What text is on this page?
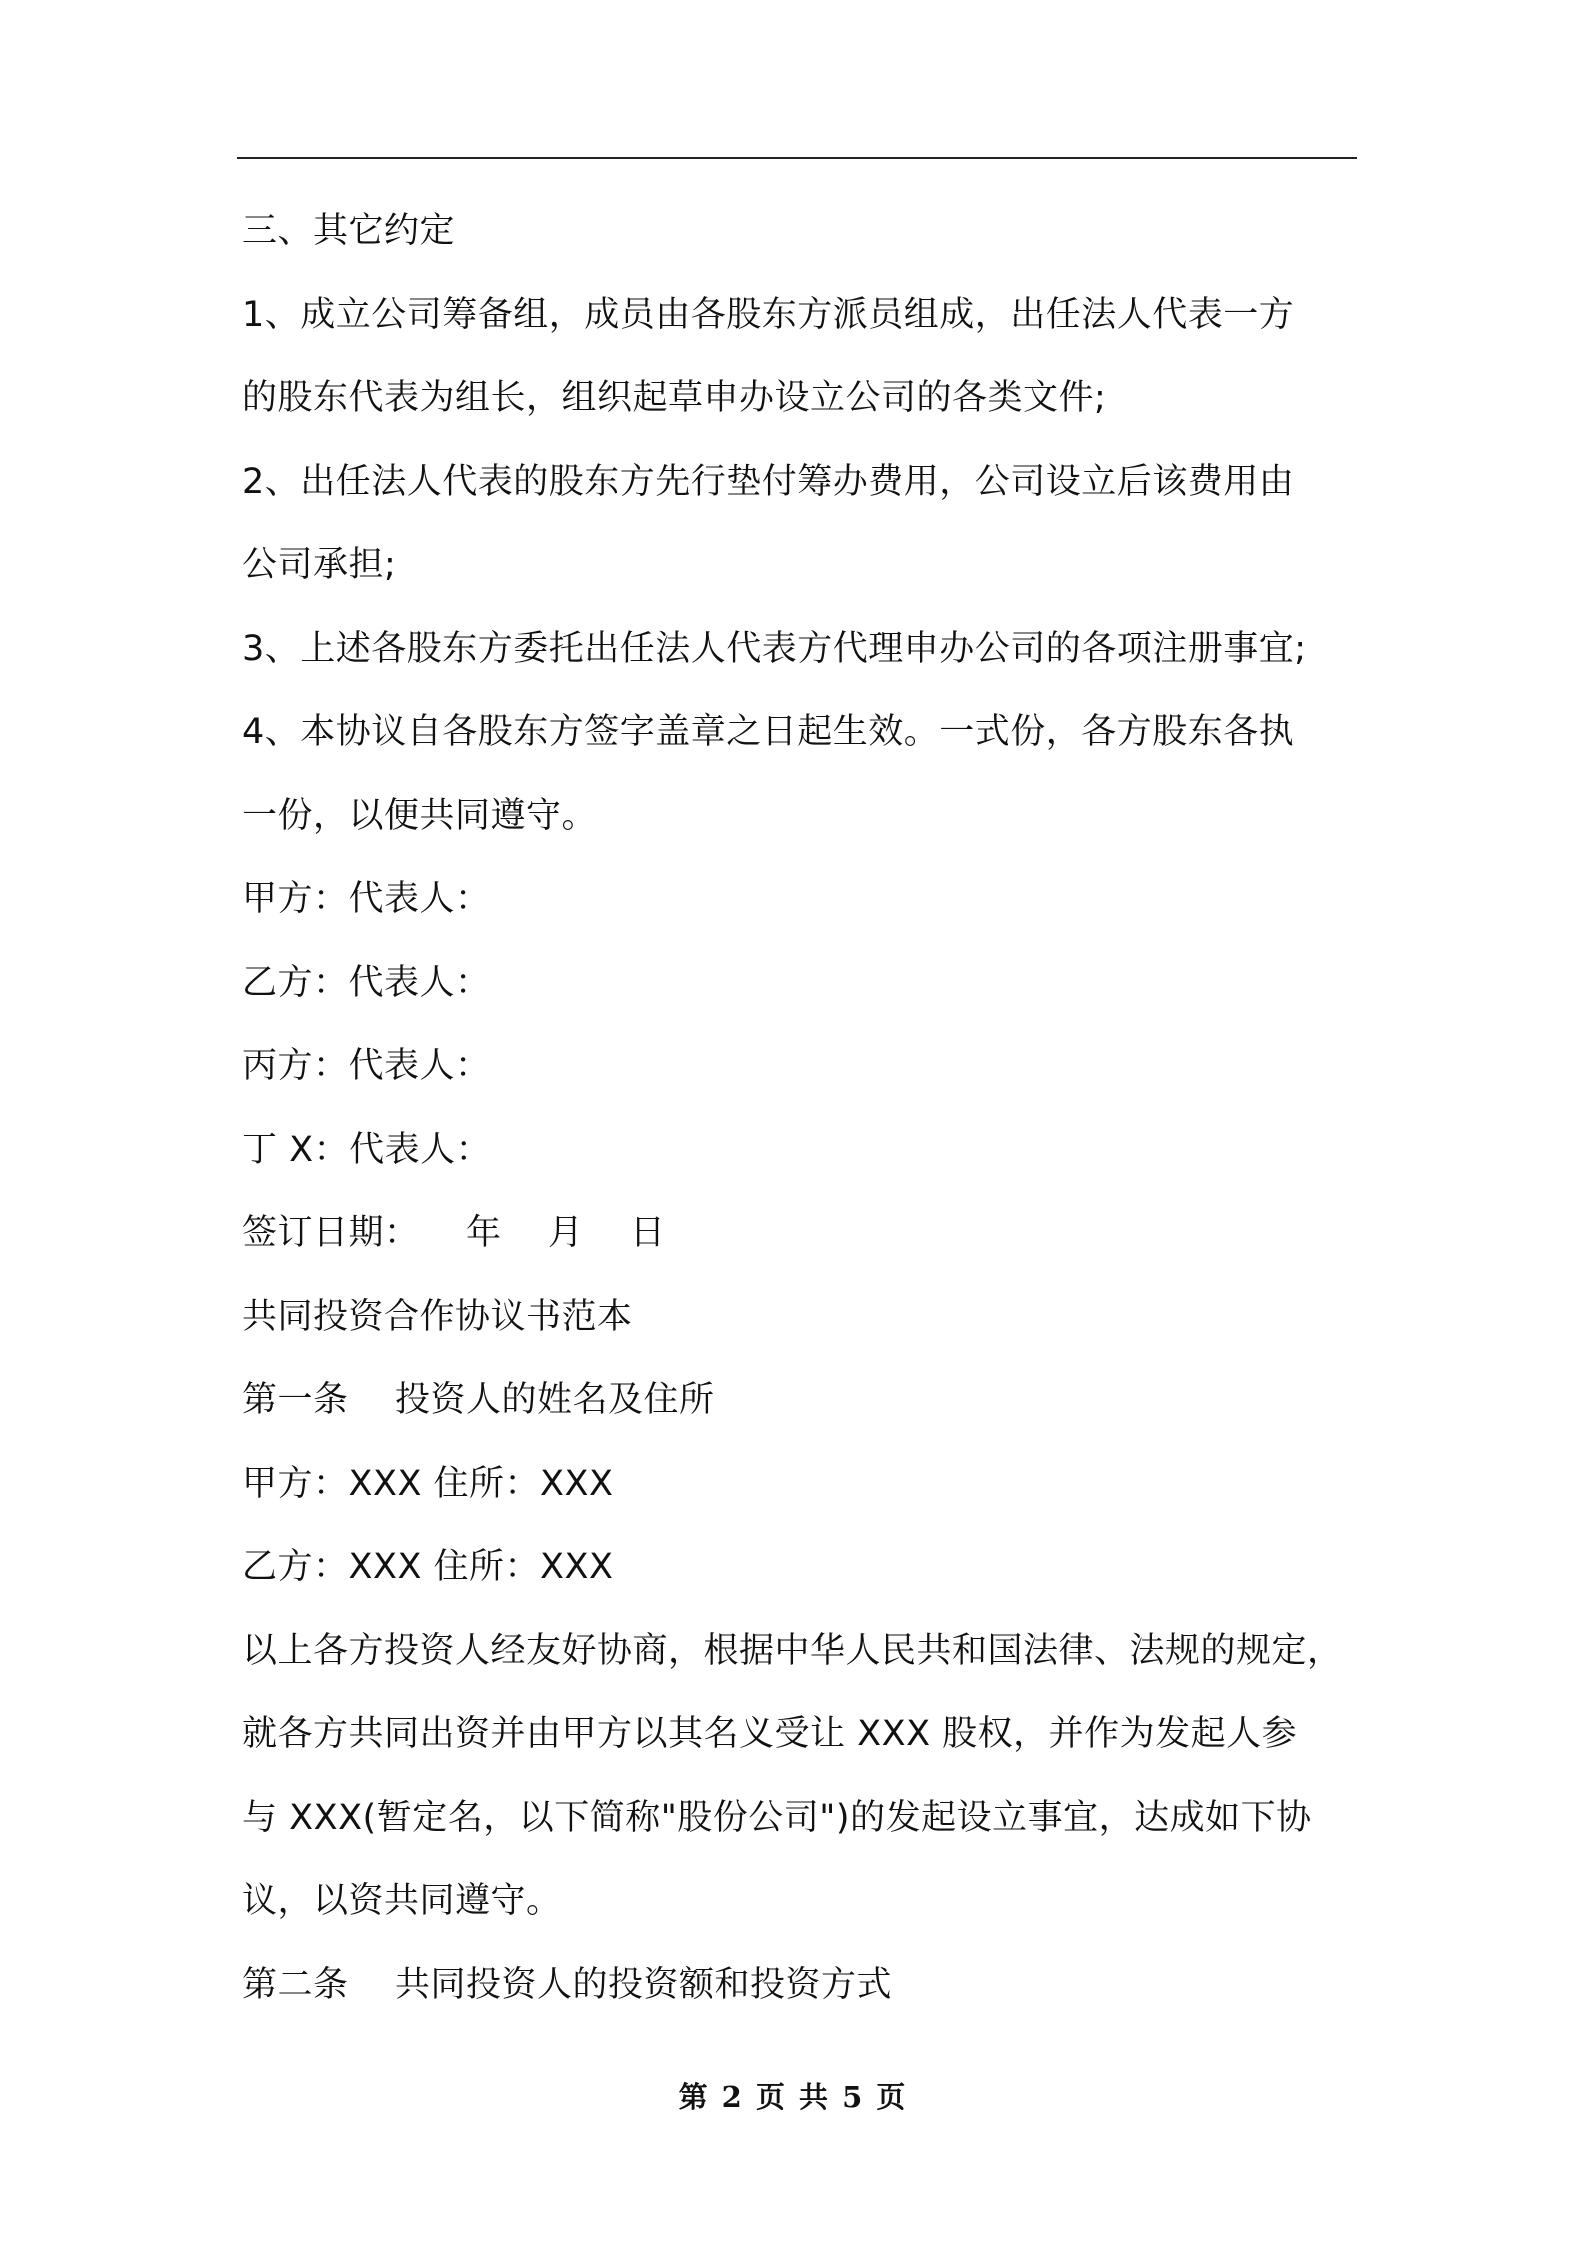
三、其它约定

1、成立公司筹备组，成员由各股东方派员组成，出任法人代表一方

的股东代表为组长，组织起草申办设立公司的各类文件;

2、出任法人代表的股东方先行垫付筹办费用，公司设立后该费用由

公司承担;

3、上述各股东方委托出任法人代表方代理申办公司的各项注册事宜;

4、本协议自各股东方签字盖章之日起生效。一式份，各方股东各执

一份，以便共同遵守。

甲方：代表人：

乙方：代表人：

丙方：代表人：

丁 X：代表人：

签订日期：    年    月    日

共同投资合作协议书范本

第一条    投资人的姓名及住所

甲方：XXX 住所：XXX

乙方：XXX 住所：XXX

以上各方投资人经友好协商，根据中华人民共和国法律、法规的规定，

就各方共同出资并由甲方以其名义受让 XXX 股权，并作为发起人参

与 XXX(暂定名，以下简称"股份公司")的发起设立事宜，达成如下协

议，以资共同遵守。

第二条    共同投资人的投资额和投资方式

第 2 页 共 5 页
